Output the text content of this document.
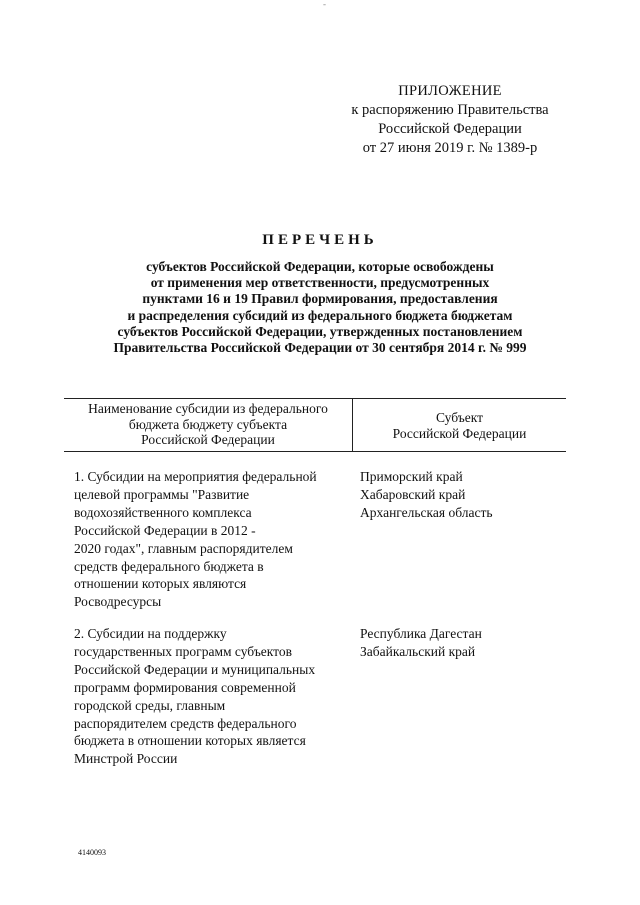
-
ПРИЛОЖЕНИЕ
к распоряжению Правительства
Российской Федерации
от 27 июня 2019 г. № 1389-р
ПЕРЕЧЕНЬ
субъектов Российской Федерации, которые освобождены
от применения мер ответственности, предусмотренных
пунктами 16 и 19 Правил формирования, предоставления
и распределения субсидий из федерального бюджета бюджетам
субъектов Российской Федерации, утвержденных постановлением
Правительства Российской Федерации от 30 сентября 2014 г. № 999
Наименование субсидии из федерального
бюджета бюджету субъекта
Российской Федерации
Субъект
Российской Федерации
1. Субсидии на мероприятия федеральной
целевой программы "Развитие
водохозяйственного комплекса
Российской Федерации в 2012 -
2020 годах", главным распорядителем
средств федерального бюджета в
отношении которых являются
Росводресурсы
Приморский край
Хабаровский край
Архангельская область
2. Субсидии на поддержку
государственных программ субъектов
Российской Федерации и муниципальных
программ формирования современной
городской среды, главным
распорядителем средств федерального
бюджета в отношении которых является
Минстрой России
Республика Дагестан
Забайкальский край
4140093
